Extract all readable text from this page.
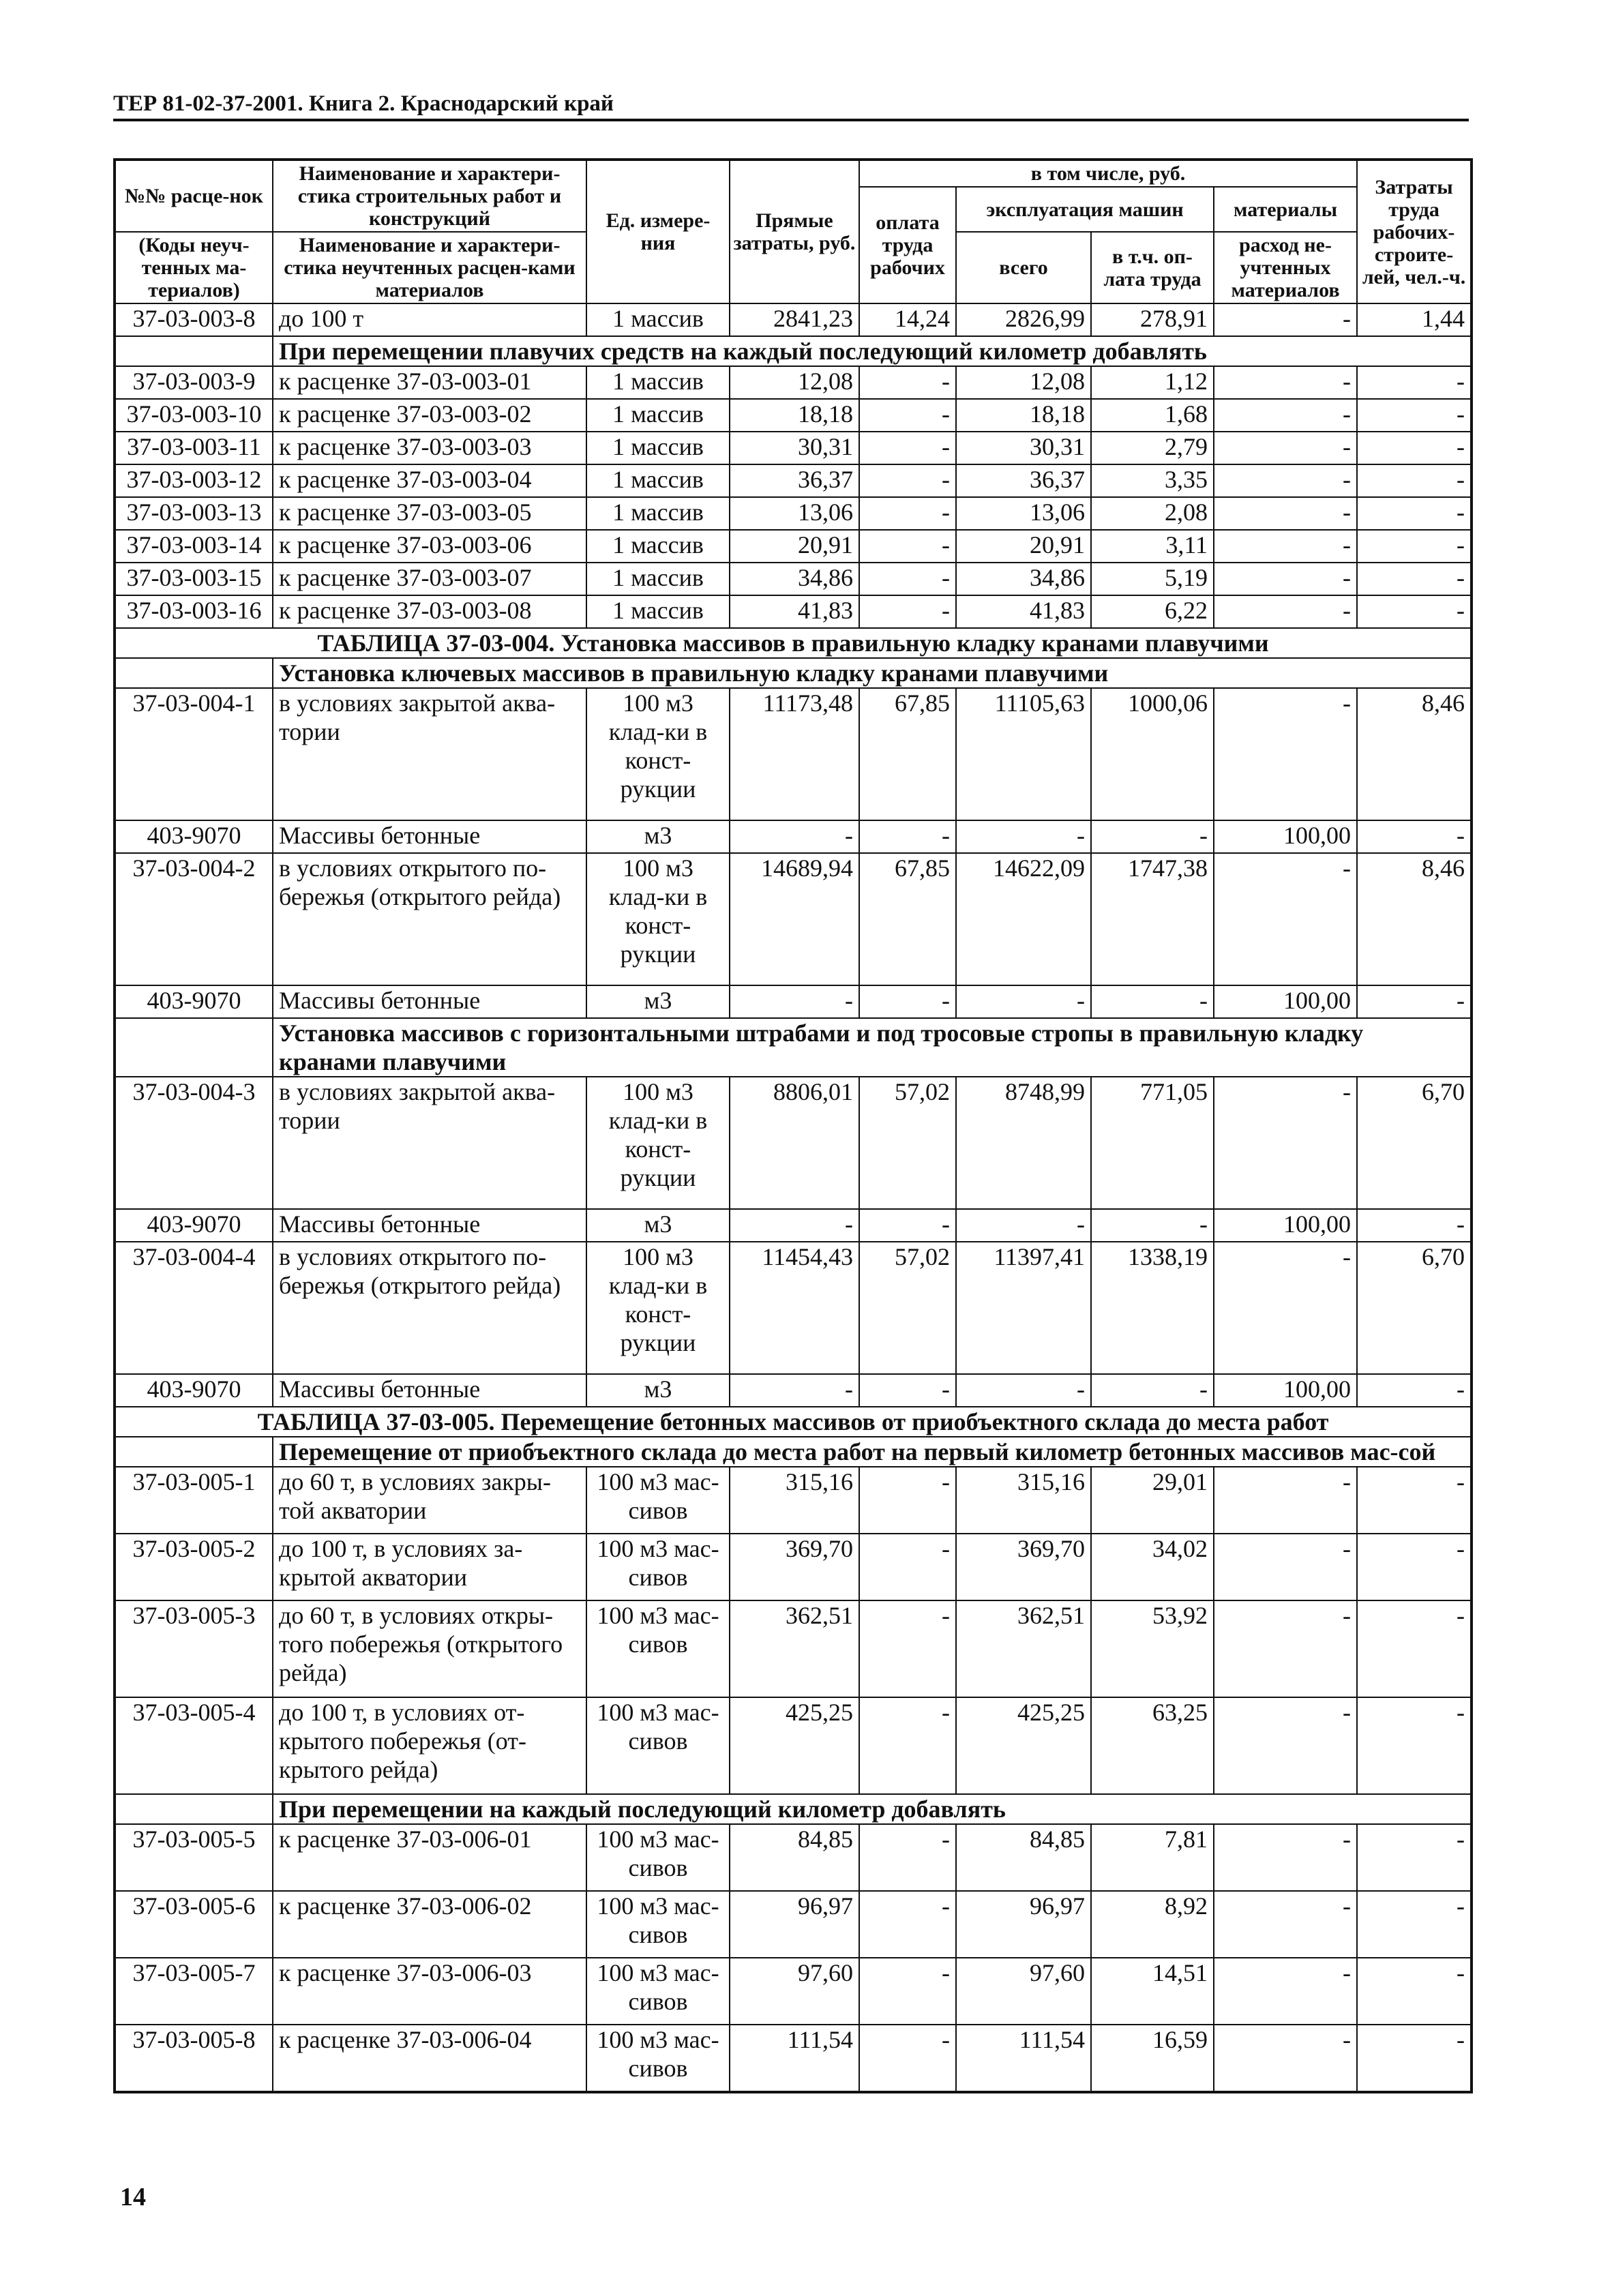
ТЕР 81-02-37-2001. Книга 2. Краснодарский край
№№ расце-нок	Наименование и характери-стика строительных работ и конструкций	Ед. измере-ния	Прямые затраты, руб.	в том числе, руб.				Затраты труда рабочих-строите-лей, чел.-ч.
				оплата труда рабочих	эксплуатация машин		материалы	
(Коды неуч-тенных ма-териалов)	Наименование и характери-стика неучтенных расцен-ками материалов				всего	в т.ч. оп-лата труда	расход не-учтенных материалов	

37-03-003-8	до 100 т	1 массив	2841,23	14,24	2826,99	278,91	-	1,44
	При перемещении плавучих средств на каждый последующий километр добавлять							
37-03-003-9	к расценке 37-03-003-01	1 массив	12,08	-	12,08	1,12	-	-
37-03-003-10	к расценке 37-03-003-02	1 массив	18,18	-	18,18	1,68	-	-
37-03-003-11	к расценке 37-03-003-03	1 массив	30,31	-	30,31	2,79	-	-
37-03-003-12	к расценке 37-03-003-04	1 массив	36,37	-	36,37	3,35	-	-
37-03-003-13	к расценке 37-03-003-05	1 массив	13,06	-	13,06	2,08	-	-
37-03-003-14	к расценке 37-03-003-06	1 массив	20,91	-	20,91	3,11	-	-
37-03-003-15	к расценке 37-03-003-07	1 массив	34,86	-	34,86	5,19	-	-
37-03-003-16	к расценке 37-03-003-08	1 массив	41,83	-	41,83	6,22	-	-
ТАБЛИЦА 37-03-004. Установка массивов в правильную кладку кранами плавучими								
	Установка ключевых массивов в правильную кладку кранами плавучими							
37-03-004-1	в условиях закрытой аква-тории	100 м3 клад-ки в конст-рукции	11173,48	67,85	11105,63	1000,06	-	8,46
403-9070	Массивы бетонные	м3	-	-	-	-	100,00	-
37-03-004-2	в условиях открытого по-бережья (открытого рейда)	100 м3 клад-ки в конст-рукции	14689,94	67,85	14622,09	1747,38	-	8,46
403-9070	Массивы бетонные	м3	-	-	-	-	100,00	-
	Установка массивов с горизонтальными штрабами и под тросовые стропы в правильную кладку кранами плавучими							
37-03-004-3	в условиях закрытой аква-тории	100 м3 клад-ки в конст-рукции	8806,01	57,02	8748,99	771,05	-	6,70
403-9070	Массивы бетонные	м3	-	-	-	-	100,00	-
37-03-004-4	в условиях открытого по-бережья (открытого рейда)	100 м3 клад-ки в конст-рукции	11454,43	57,02	11397,41	1338,19	-	6,70
403-9070	Массивы бетонные	м3	-	-	-	-	100,00	-
ТАБЛИЦА 37-03-005. Перемещение бетонных массивов от приобъектного склада до места работ								
	Перемещение от приобъектного склада до места работ на первый километр бетонных массивов мас-сой							
37-03-005-1	до 60 т, в условиях закры-той акватории	100 м3 мас-сивов	315,16	-	315,16	29,01	-	-
37-03-005-2	до 100 т, в условиях за-крытой акватории	100 м3 мас-сивов	369,70	-	369,70	34,02	-	-
37-03-005-3	до 60 т, в условиях откры-того побережья (открытого рейда)	100 м3 мас-сивов	362,51	-	362,51	53,92	-	-
37-03-005-4	до 100 т, в условиях от-крытого побережья (от-крытого рейда)	100 м3 мас-сивов	425,25	-	425,25	63,25	-	-
	При перемещении на каждый последующий километр добавлять							
37-03-005-5	к расценке 37-03-006-01	100 м3 мас-сивов	84,85	-	84,85	7,81	-	-
37-03-005-6	к расценке 37-03-006-02	100 м3 мас-сивов	96,97	-	96,97	8,92	-	-
37-03-005-7	к расценке 37-03-006-03	100 м3 мас-сивов	97,60	-	97,60	14,51	-	-
37-03-005-8	к расценке 37-03-006-04	100 м3 мас-сивов	111,54	-	111,54	16,59	-	-
14
